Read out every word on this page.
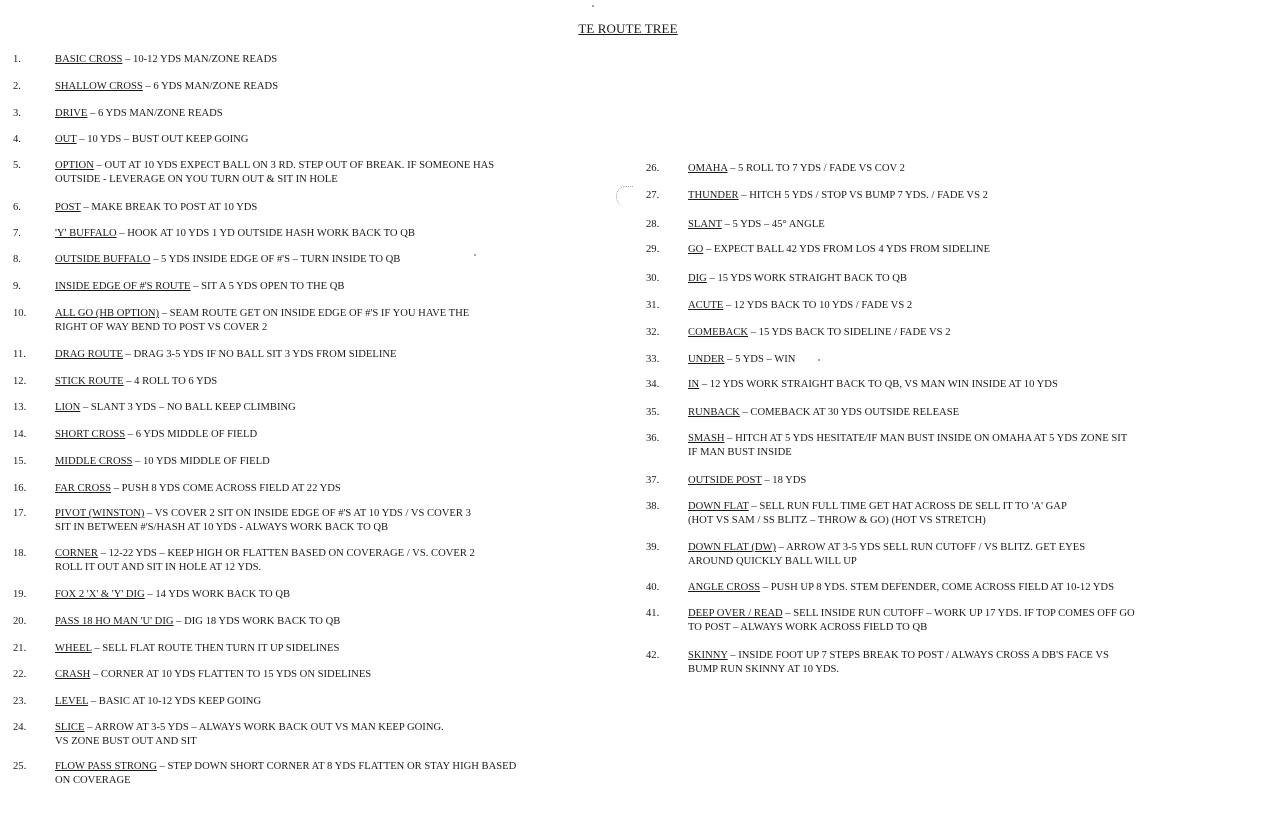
TE ROUTE TREE
1.	BASIC CROSS – 10-12 YDS MAN/ZONE READS
2.	SHALLOW CROSS – 6 YDS MAN/ZONE READS
3.	DRIVE – 6 YDS MAN/ZONE READS
4.	OUT – 10 YDS – BUST OUT KEEP GOING
5.	OPTION – OUT AT 10 YDS EXPECT BALL ON 3 RD. STEP OUT OF BREAK. IF SOMEONE HAS
OUTSIDE - LEVERAGE ON YOU TURN OUT & SIT IN HOLE
6.	POST – MAKE BREAK TO POST AT 10 YDS
7.	'Y' BUFFALO – HOOK AT 10 YDS 1 YD OUTSIDE HASH WORK BACK TO QB
8.	OUTSIDE BUFFALO – 5 YDS INSIDE EDGE OF #'S – TURN INSIDE TO QB
9.	INSIDE EDGE OF #'S ROUTE – SIT A 5 YDS OPEN TO THE QB
10.	ALL GO (HB OPTION) – SEAM ROUTE GET ON INSIDE EDGE OF #'S IF YOU HAVE THE
RIGHT OF WAY BEND TO POST VS COVER 2
11.	DRAG ROUTE – DRAG 3-5 YDS IF NO BALL SIT 3 YDS FROM SIDELINE
12.	STICK ROUTE – 4 ROLL TO 6 YDS
13.	LION – SLANT 3 YDS – NO BALL KEEP CLIMBING
14.	SHORT CROSS – 6 YDS MIDDLE OF FIELD
15.	MIDDLE CROSS – 10 YDS MIDDLE OF FIELD
16.	FAR CROSS – PUSH 8 YDS COME ACROSS FIELD AT 22 YDS
17.	PIVOT (WINSTON) – VS COVER 2 SIT ON INSIDE EDGE OF #'S AT 10 YDS / VS COVER 3
SIT IN BETWEEN #'S/HASH AT 10 YDS - ALWAYS WORK BACK TO QB
18.	CORNER – 12-22 YDS – KEEP HIGH OR FLATTEN BASED ON COVERAGE / VS. COVER 2
ROLL IT OUT AND SIT IN HOLE AT 12 YDS.
19.	FOX 2 'X' & 'Y' DIG – 14 YDS WORK BACK TO QB
20.	PASS 18 HO MAN 'U' DIG – DIG 18 YDS WORK BACK TO QB
21.	WHEEL – SELL FLAT ROUTE THEN TURN IT UP SIDELINES
22.	CRASH – CORNER AT 10 YDS FLATTEN TO 15 YDS ON SIDELINES
23.	LEVEL – BASIC AT 10-12 YDS KEEP GOING
24.	SLICE – ARROW AT 3-5 YDS – ALWAYS WORK BACK OUT VS MAN KEEP GOING.
VS ZONE BUST OUT AND SIT
25.	FLOW PASS STRONG – STEP DOWN SHORT CORNER AT 8 YDS FLATTEN OR STAY HIGH BASED
ON COVERAGE
26.	OMAHA – 5 ROLL TO 7 YDS / FADE VS COV 2
27.	THUNDER – HITCH 5 YDS / STOP VS BUMP 7 YDS. / FADE VS 2
28.	SLANT – 5 YDS – 45° ANGLE
29.	GO – EXPECT BALL 42 YDS FROM LOS 4 YDS FROM SIDELINE
30.	DIG – 15 YDS WORK STRAIGHT BACK TO QB
31.	ACUTE – 12 YDS BACK TO 10 YDS / FADE VS 2
32.	COMEBACK – 15 YDS BACK TO SIDELINE / FADE VS 2
33.	UNDER – 5 YDS – WIN
34.	IN – 12 YDS WORK STRAIGHT BACK TO QB, VS MAN WIN INSIDE AT 10 YDS
35.	RUNBACK – COMEBACK AT 30 YDS OUTSIDE RELEASE
36.	SMASH – HITCH AT 5 YDS HESITATE/IF MAN BUST INSIDE ON OMAHA AT 5 YDS ZONE SIT
IF MAN BUST INSIDE
37.	OUTSIDE POST – 18 YDS
38.	DOWN FLAT – SELL RUN FULL TIME GET HAT ACROSS DE SELL IT TO 'A' GAP
(HOT VS SAM / SS BLITZ – THROW & GO) (HOT VS STRETCH)
39.	DOWN FLAT (DW) – ARROW AT 3-5 YDS SELL RUN CUTOFF / VS BLITZ. GET EYES
AROUND QUICKLY BALL WILL UP
40.	ANGLE CROSS – PUSH UP 8 YDS. STEM DEFENDER, COME ACROSS FIELD AT 10-12 YDS
41.	DEEP OVER / READ – SELL INSIDE RUN CUTOFF – WORK UP 17 YDS. IF TOP COMES OFF GO
TO POST – ALWAYS WORK ACROSS FIELD TO QB
42.	SKINNY – INSIDE FOOT UP 7 STEPS BREAK TO POST / ALWAYS CROSS A DB'S FACE VS
BUMP RUN SKINNY AT 10 YDS.
